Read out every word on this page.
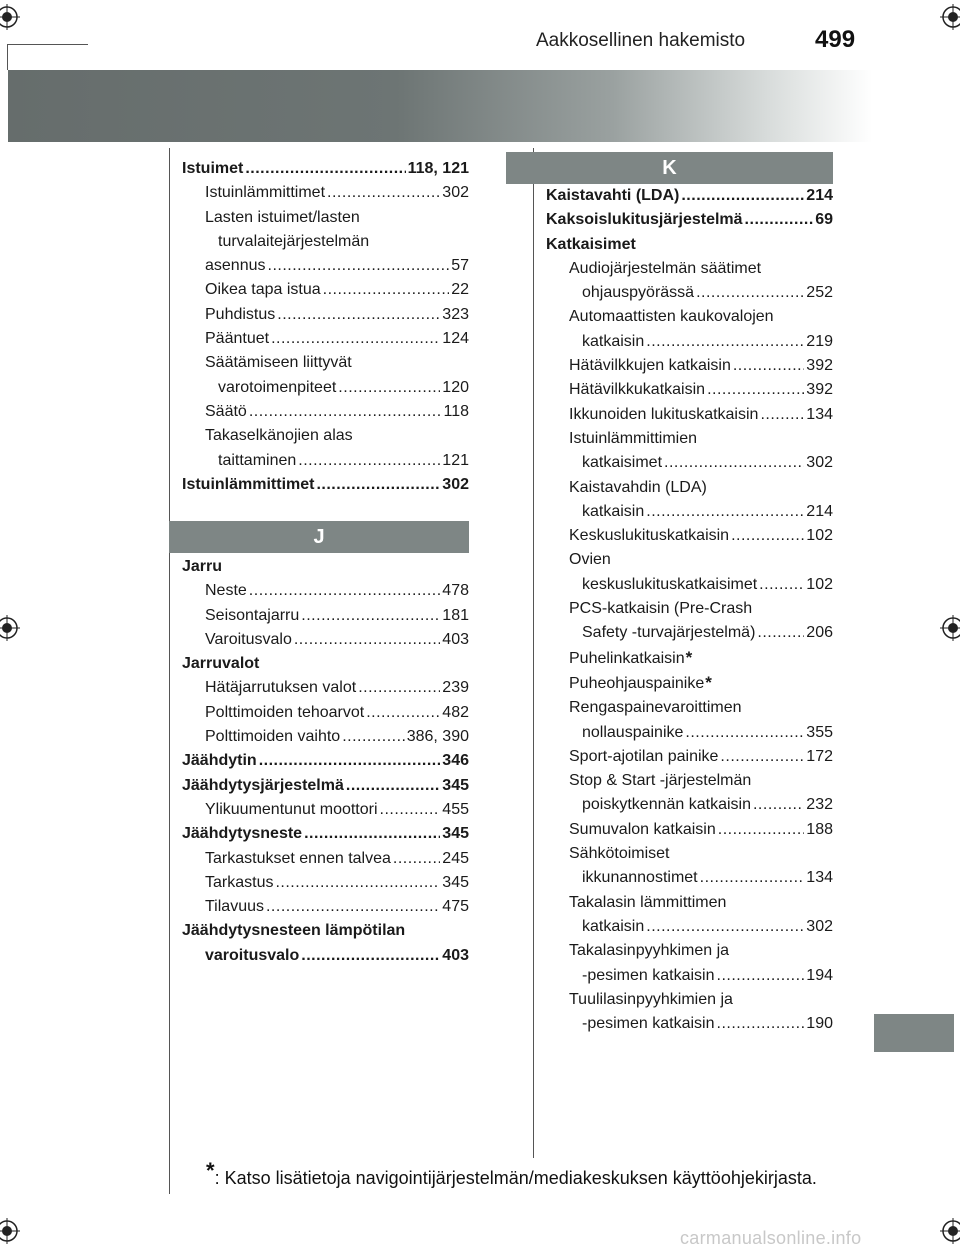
Aakkosellinen hakemisto	499
K
J
Istuimet .....	118, 121
Istuinlämmittimet .....	302
Lasten istuimet/lasten
turvalaitejärjestelmän
asennus .....	57
Oikea tapa istua .....	22
Puhdistus .....	323
Pääntuet .....	124
Säätämiseen liittyvät
varotoimenpiteet .....	120
Säätö .....	118
Takaselkänojien alas
taittaminen .....	121
Istuinlämmittimet .....	302
Jarru
Neste .....	478
Seisontajarru .....	181
Varoitusvalo .....	403
Jarruvalot
Hätäjarrutuksen valot .....	239
Polttimoiden tehoarvot .....	482
Polttimoiden vaihto .....	386, 390
Jäähdytin .....	346
Jäähdytysjärjestelmä .....	345
Ylikuumentunut moottori .....	455
Jäähdytysneste .....	345
Tarkastukset ennen talvea .....	245
Tarkastus .....	345
Tilavuus .....	475
Jäähdytysnesteen lämpötilan
varoitusvalo .....	403
Kaistavahti (LDA) .....	214
Kaksoislukitusjärjestelmä .....	69
Katkaisimet
Audiojärjestelmän säätimet
ohjauspyörässä .....	252
Automaattisten kaukovalojen
katkaisin .....	219
Hätävilkkujen katkaisin .....	392
Hätävilkkukatkaisin .....	392
Ikkunoiden lukituskatkaisin .....	134
Istuinlämmittimien
katkaisimet .....	302
Kaistavahdin (LDA)
katkaisin .....	214
Keskuslukituskatkaisin .....	102
Ovien
keskuslukituskatkaisimet .....	102
PCS-katkaisin (Pre-Crash
Safety -turvajärjestelmä) .....	206
Puhelinkatkaisin *
Puheohjauspainike *
Rengaspainevaroittimen
nollauspainike .....	355
Sport-ajotilan painike .....	172
Stop & Start -järjestelmän
poiskytkennän katkaisin .....	232
Sumuvalon katkaisin .....	188
Sähkötoimiset
ikkunannostimet .....	134
Takalasin lämmittimen
katkaisin .....	302
Takalasinpyyhkimen ja
-pesimen katkaisin .....	194
Tuulilasinpyyhkimien ja
-pesimen katkaisin .....	190
*: Katso lisätietoja navigointijärjestelmän/mediakeskuksen käyttöohjekirjasta.
carmanualsonline.info
